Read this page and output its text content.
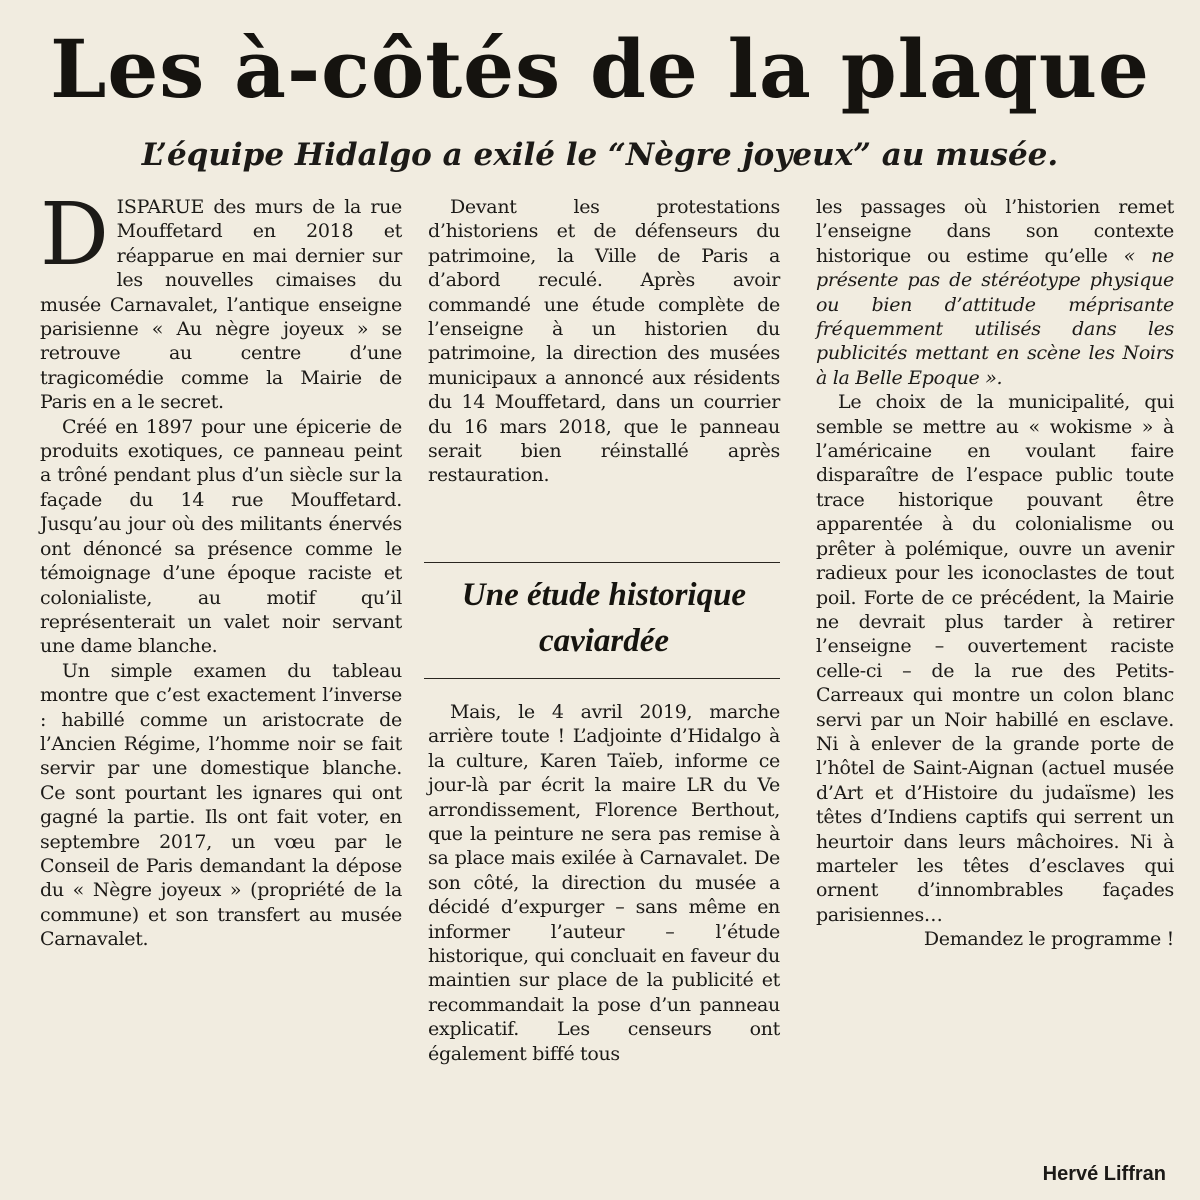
Les à-côtés de la plaque
L’équipe Hidalgo a exilé le “Nègre joyeux” au musée.

DISPARUE des murs de la rue Mouffetard en 2018 et réapparue en mai dernier sur les nouvelles cimaises du musée Carnavalet, l’antique enseigne parisienne « Au nègre joyeux » se retrouve au centre d’une tragicomédie comme la Mairie de Paris en a le secret.

Créé en 1897 pour une épicerie de produits exotiques, ce panneau peint a trôné pendant plus d’un siècle sur la façade du 14 rue Mouffetard. Jusqu’au jour où des militants énervés ont dénoncé sa présence comme le témoignage d’une époque raciste et colonialiste, au motif qu’il représenterait un valet noir servant une dame blanche.

Un simple examen du tableau montre que c’est exactement l’inverse : habillé comme un aristocrate de l’Ancien Régime, l’homme noir se fait servir par une domestique blanche. Ce sont pourtant les ignares qui ont gagné la partie. Ils ont fait voter, en septembre 2017, un vœu par le Conseil de Paris demandant la dépose du « Nègre joyeux » (propriété de la commune) et son transfert au musée Carnavalet.

Devant les protestations d’historiens et de défenseurs du patrimoine, la Ville de Paris a d’abord reculé. Après avoir commandé une étude complète de l’enseigne à un historien du patrimoine, la direction des musées municipaux a annoncé aux résidents du 14 Mouffetard, dans un courrier du 16 mars 2018, que le panneau serait bien réinstallé après restauration.

Une étude historique caviardée

Mais, le 4 avril 2019, marche arrière toute ! L’adjointe d’Hidalgo à la culture, Karen Taïeb, informe ce jour-là par écrit la maire LR du Ve arrondissement, Florence Berthout, que la peinture ne sera pas remise à sa place mais exilée à Carnavalet. De son côté, la direction du musée a décidé d’expurger – sans même en informer l’auteur – l’étude historique, qui concluait en faveur du maintien sur place de la publicité et recommandait la pose d’un panneau explicatif. Les censeurs ont également biffé tous

les passages où l’historien remet l’enseigne dans son contexte historique ou estime qu’elle « ne présente pas de stéréotype physique ou bien d’attitude méprisante fréquemment utilisés dans les publicités mettant en scène les Noirs à la Belle Epoque ».

Le choix de la municipalité, qui semble se mettre au « wokisme » à l’américaine en voulant faire disparaître de l’espace public toute trace historique pouvant être apparentée à du colonialisme ou prêter à polémique, ouvre un avenir radieux pour les iconoclastes de tout poil. Forte de ce précédent, la Mairie ne devrait plus tarder à retirer l’enseigne – ouvertement raciste celle-ci – de la rue des Petits-Carreaux qui montre un colon blanc servi par un Noir habillé en esclave. Ni à enlever de la grande porte de l’hôtel de Saint-Aignan (actuel musée d’Art et d’Histoire du judaïsme) les têtes d’Indiens captifs qui serrent un heurtoir dans leurs mâchoires. Ni à marteler les têtes d’esclaves qui ornent d’innombrables façades parisiennes…

Demandez le programme !

Hervé Liffran
